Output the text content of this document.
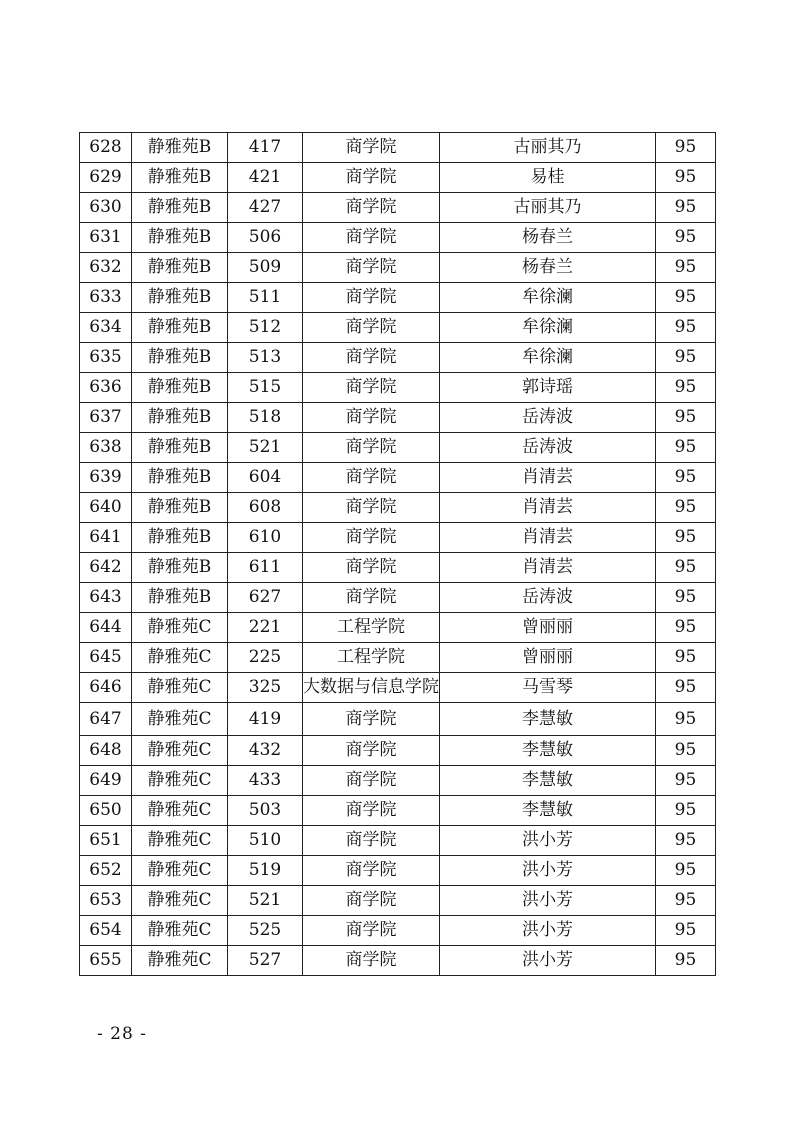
628	静雅苑B	417	商学院	古丽其乃	95
629	静雅苑B	421	商学院	易桂	95
630	静雅苑B	427	商学院	古丽其乃	95
631	静雅苑B	506	商学院	杨春兰	95
632	静雅苑B	509	商学院	杨春兰	95
633	静雅苑B	511	商学院	牟徐澜	95
634	静雅苑B	512	商学院	牟徐澜	95
635	静雅苑B	513	商学院	牟徐澜	95
636	静雅苑B	515	商学院	郭诗瑶	95
637	静雅苑B	518	商学院	岳涛波	95
638	静雅苑B	521	商学院	岳涛波	95
639	静雅苑B	604	商学院	肖清芸	95
640	静雅苑B	608	商学院	肖清芸	95
641	静雅苑B	610	商学院	肖清芸	95
642	静雅苑B	611	商学院	肖清芸	95
643	静雅苑B	627	商学院	岳涛波	95
644	静雅苑C	221	工程学院	曾丽丽	95
645	静雅苑C	225	工程学院	曾丽丽	95
646	静雅苑C	325	大数据与信息学院	马雪琴	95
647	静雅苑C	419	商学院	李慧敏	95
648	静雅苑C	432	商学院	李慧敏	95
649	静雅苑C	433	商学院	李慧敏	95
650	静雅苑C	503	商学院	李慧敏	95
651	静雅苑C	510	商学院	洪小芳	95
652	静雅苑C	519	商学院	洪小芳	95
653	静雅苑C	521	商学院	洪小芳	95
654	静雅苑C	525	商学院	洪小芳	95
655	静雅苑C	527	商学院	洪小芳	95
- 28 -
